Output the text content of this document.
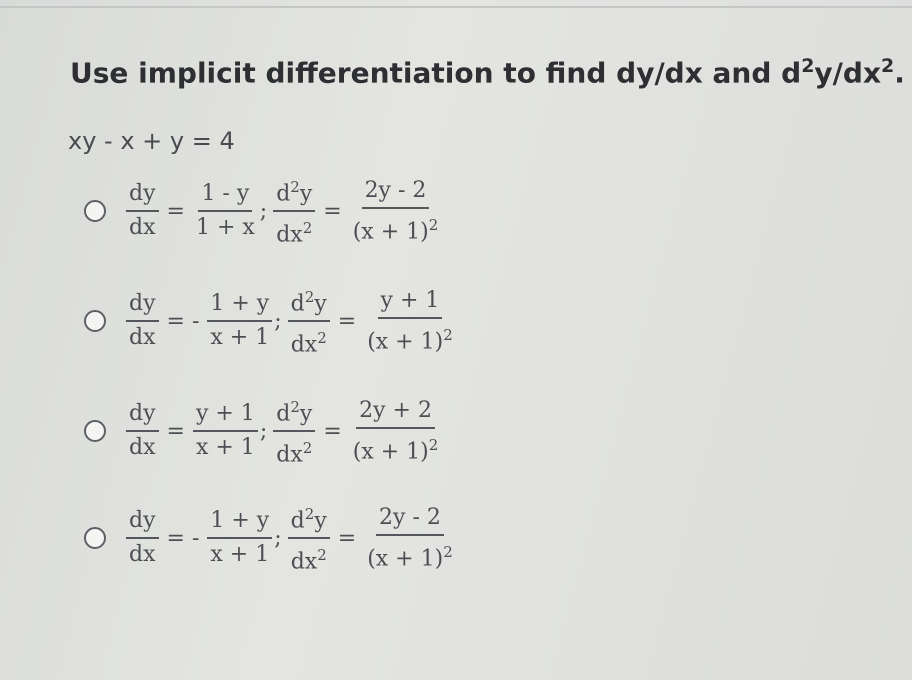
Use implicit differentiation to find dy/dx and $d^2y/dx^2$.
xy - x + y = 4
$\frac{dy}{dx} = \frac{1 - y}{1 + x}$ ; $\frac{d^2y}{dx^2} = \frac{2y - 2}{(x + 1)^2}$
$\frac{dy}{dx}$ = - $\frac{1 + y}{x + 1}$ ; $\frac{d^2y}{dx^2} = \frac{y + 1}{(x + 1)^2}$
$\frac{dy}{dx} = \frac{y + 1}{x + 1}$ ; $\frac{d^2y}{dx^2} = \frac{2y + 2}{(x + 1)^2}$
$\frac{dy}{dx}$ = - $\frac{1 + y}{x + 1}$ ; $\frac{d^2y}{dx^2} = \frac{2y - 2}{(x + 1)^2}$
